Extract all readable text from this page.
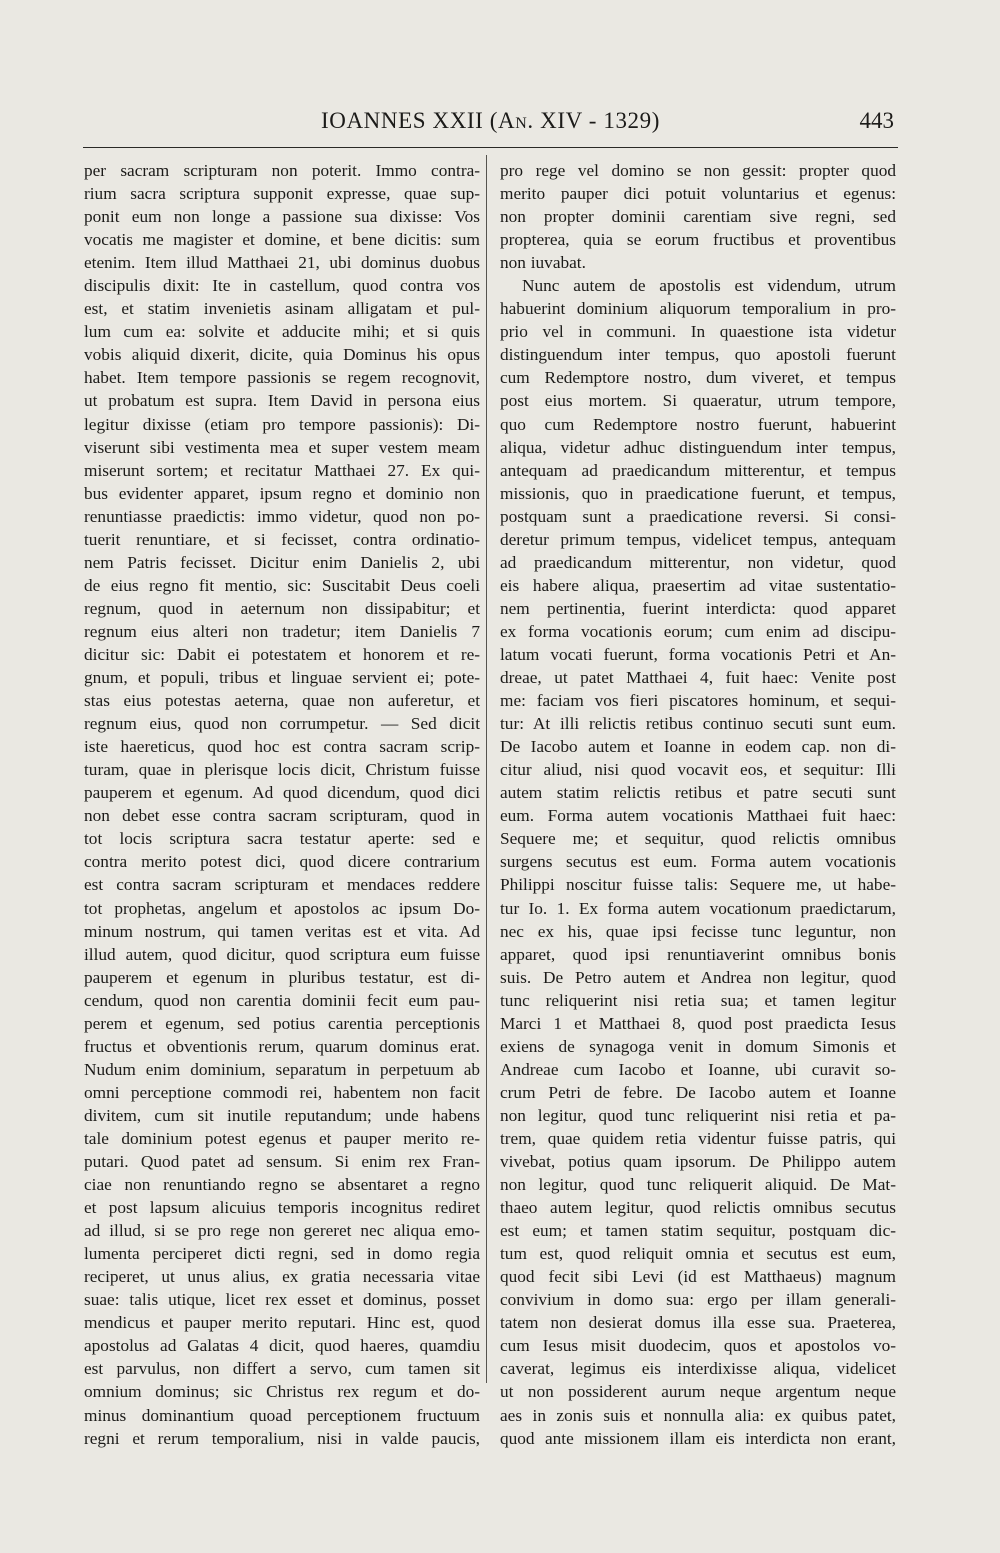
IOANNES XXII (An. XIV - 1329)	443
per sacram scripturam non poterit. Immo contra-
rium sacra scriptura supponit expresse, quae sup-
ponit eum non longe a passione sua dixisse: Vos
vocatis me magister et domine, et bene dicitis: sum
etenim. Item illud Matthaei 21, ubi dominus duobus
discipulis dixit: Ite in castellum, quod contra vos
est, et statim invenietis asinam alligatam et pul-
lum cum ea: solvite et adducite mihi; et si quis
vobis aliquid dixerit, dicite, quia Dominus his opus
habet. Item tempore passionis se regem recognovit,
ut probatum est supra. Item David in persona eius
legitur dixisse (etiam pro tempore passionis): Di-
viserunt sibi vestimenta mea et super vestem meam
miserunt sortem; et recitatur Matthaei 27. Ex qui-
bus evidenter apparet, ipsum regno et dominio non
renuntiasse praedictis: immo videtur, quod non po-
tuerit renuntiare, et si fecisset, contra ordinatio-
nem Patris fecisset. Dicitur enim Danielis 2, ubi
de eius regno fit mentio, sic: Suscitabit Deus coeli
regnum, quod in aeternum non dissipabitur; et
regnum eius alteri non tradetur; item Danielis 7
dicitur sic: Dabit ei potestatem et honorem et re-
gnum, et populi, tribus et linguae servient ei; pote-
stas eius potestas aeterna, quae non auferetur, et
regnum eius, quod non corrumpetur. — Sed dicit
iste haereticus, quod hoc est contra sacram scrip-
turam, quae in plerisque locis dicit, Christum fuisse
pauperem et egenum. Ad quod dicendum, quod dici
non debet esse contra sacram scripturam, quod in
tot locis scriptura sacra testatur aperte: sed e
contra merito potest dici, quod dicere contrarium
est contra sacram scripturam et mendaces reddere
tot prophetas, angelum et apostolos ac ipsum Do-
minum nostrum, qui tamen veritas est et vita. Ad
illud autem, quod dicitur, quod scriptura eum fuisse
pauperem et egenum in pluribus testatur, est di-
cendum, quod non carentia dominii fecit eum pau-
perem et egenum, sed potius carentia perceptionis
fructus et obventionis rerum, quarum dominus erat.
Nudum enim dominium, separatum in perpetuum ab
omni perceptione commodi rei, habentem non facit
divitem, cum sit inutile reputandum; unde habens
tale dominium potest egenus et pauper merito re-
putari. Quod patet ad sensum. Si enim rex Fran-
ciae non renuntiando regno se absentaret a regno
et post lapsum alicuius temporis incognitus rediret
ad illud, si se pro rege non gereret nec aliqua emo-
lumenta perciperet dicti regni, sed in domo regia
reciperet, ut unus alius, ex gratia necessaria vitae
suae: talis utique, licet rex esset et dominus, posset
mendicus et pauper merito reputari. Hinc est, quod
apostolus ad Galatas 4 dicit, quod haeres, quamdiu
est parvulus, non differt a servo, cum tamen sit
omnium dominus; sic Christus rex regum et do-
minus dominantium quoad perceptionem fructuum
regni et rerum temporalium, nisi in valde paucis,
pro rege vel domino se non gessit: propter quod
merito pauper dici potuit voluntarius et egenus:
non propter dominii carentiam sive regni, sed
propterea, quia se eorum fructibus et proventibus
non iuvabat.
Nunc autem de apostolis est videndum, utrum
habuerint dominium aliquorum temporalium in pro-
prio vel in communi. In quaestione ista videtur
distinguendum inter tempus, quo apostoli fuerunt
cum Redemptore nostro, dum viveret, et tempus
post eius mortem. Si quaeratur, utrum tempore,
quo cum Redemptore nostro fuerunt, habuerint
aliqua, videtur adhuc distinguendum inter tempus,
antequam ad praedicandum mitterentur, et tempus
missionis, quo in praedicatione fuerunt, et tempus,
postquam sunt a praedicatione reversi. Si consi-
deretur primum tempus, videlicet tempus, antequam
ad praedicandum mitterentur, non videtur, quod
eis habere aliqua, praesertim ad vitae sustentatio-
nem pertinentia, fuerint interdicta: quod apparet
ex forma vocationis eorum; cum enim ad discipu-
latum vocati fuerunt, forma vocationis Petri et An-
dreae, ut patet Matthaei 4, fuit haec: Venite post
me: faciam vos fieri piscatores hominum, et sequi-
tur: At illi relictis retibus continuo secuti sunt eum.
De Iacobo autem et Ioanne in eodem cap. non di-
citur aliud, nisi quod vocavit eos, et sequitur: Illi
autem statim relictis retibus et patre secuti sunt
eum. Forma autem vocationis Matthaei fuit haec:
Sequere me; et sequitur, quod relictis omnibus
surgens secutus est eum. Forma autem vocationis
Philippi noscitur fuisse talis: Sequere me, ut habe-
tur Io. 1. Ex forma autem vocationum praedictarum,
nec ex his, quae ipsi fecisse tunc leguntur, non
apparet, quod ipsi renuntiaverint omnibus bonis
suis. De Petro autem et Andrea non legitur, quod
tunc reliquerint nisi retia sua; et tamen legitur
Marci 1 et Matthaei 8, quod post praedicta Iesus
exiens de synagoga venit in domum Simonis et
Andreae cum Iacobo et Ioanne, ubi curavit so-
crum Petri de febre. De Iacobo autem et Ioanne
non legitur, quod tunc reliquerint nisi retia et pa-
trem, quae quidem retia videntur fuisse patris, qui
vivebat, potius quam ipsorum. De Philippo autem
non legitur, quod tunc reliquerit aliquid. De Mat-
thaeo autem legitur, quod relictis omnibus secutus
est eum; et tamen statim sequitur, postquam dic-
tum est, quod reliquit omnia et secutus est eum,
quod fecit sibi Levi (id est Matthaeus) magnum
convivium in domo sua: ergo per illam generali-
tatem non desierat domus illa esse sua. Praeterea,
cum Iesus misit duodecim, quos et apostolos vo-
caverat, legimus eis interdixisse aliqua, videlicet
ut non possiderent aurum neque argentum neque
aes in zonis suis et nonnulla alia: ex quibus patet,
quod ante missionem illam eis interdicta non erant,
